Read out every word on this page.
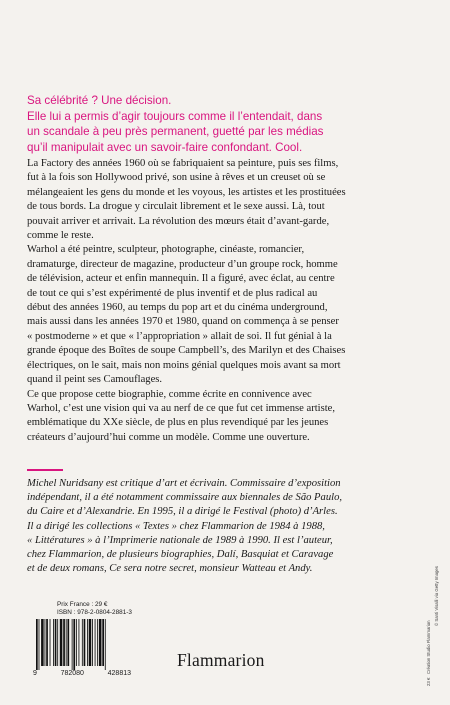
Sa célébrité ? Une décision.
Elle lui a permis d’agir toujours comme il l’entendait, dans
un scandale à peu près permanent, guetté par les médias
qu’il manipulait avec un savoir-faire confondant. Cool.
La Factory des années 1960 où se fabriquaient sa peinture, puis ses films,
fut à la fois son Hollywood privé, son usine à rêves et un creuset où se
mélangeaient les gens du monde et les voyous, les artistes et les prostituées
de tous bords. La drogue y circulait librement et le sexe aussi. Là, tout
pouvait arriver et arrivait. La révolution des mœurs était d’avant-garde,
comme le reste.
Warhol a été peintre, sculpteur, photographe, cinéaste, romancier,
dramaturge, directeur de magazine, producteur d’un groupe rock, homme
de télévision, acteur et enfin mannequin. Il a figuré, avec éclat, au centre
de tout ce qui s’est expérimenté de plus inventif et de plus radical au
début des années 1960, au temps du pop art et du cinéma underground,
mais aussi dans les années 1970 et 1980, quand on commença à se penser
« postmoderne » et que « l’appropriation » allait de soi. Il fut génial à la
grande époque des Boîtes de soupe Campbell’s, des Marilyn et des Chaises
électriques, on le sait, mais non moins génial quelques mois avant sa mort
quand il peint ses Camouflages.
Ce que propose cette biographie, comme écrite en connivence avec
Warhol, c’est une vision qui va au nerf de ce que fut cet immense artiste,
emblématique du XXe siècle, de plus en plus revendiqué par les jeunes
créateurs d’aujourd’hui comme un modèle. Comme une ouverture.
Michel Nuridsany est critique d’art et écrivain. Commissaire d’exposition
indépendant, il a été notamment commissaire aux biennales de São Paulo,
du Caire et d’Alexandrie. En 1995, il a dirigé le Festival (photo) d’Arles.
Il a dirigé les collections « Textes » chez Flammarion de 1984 à 1988,
« Littératures » à l’Imprimerie nationale de 1989 à 1990. Il est l’auteur,
chez Flammarion, de plusieurs biographies, Dalí, Basquiat et Caravage
et de deux romans, Ce sera notre secret, monsieur Watteau et Andy.
23 €
Création Studio Flammarion
© Santi Visalli via Getty Images
Prix France : 29 €
ISBN : 978-2-0804-2881-3
9	782080	428813
Flammarion
